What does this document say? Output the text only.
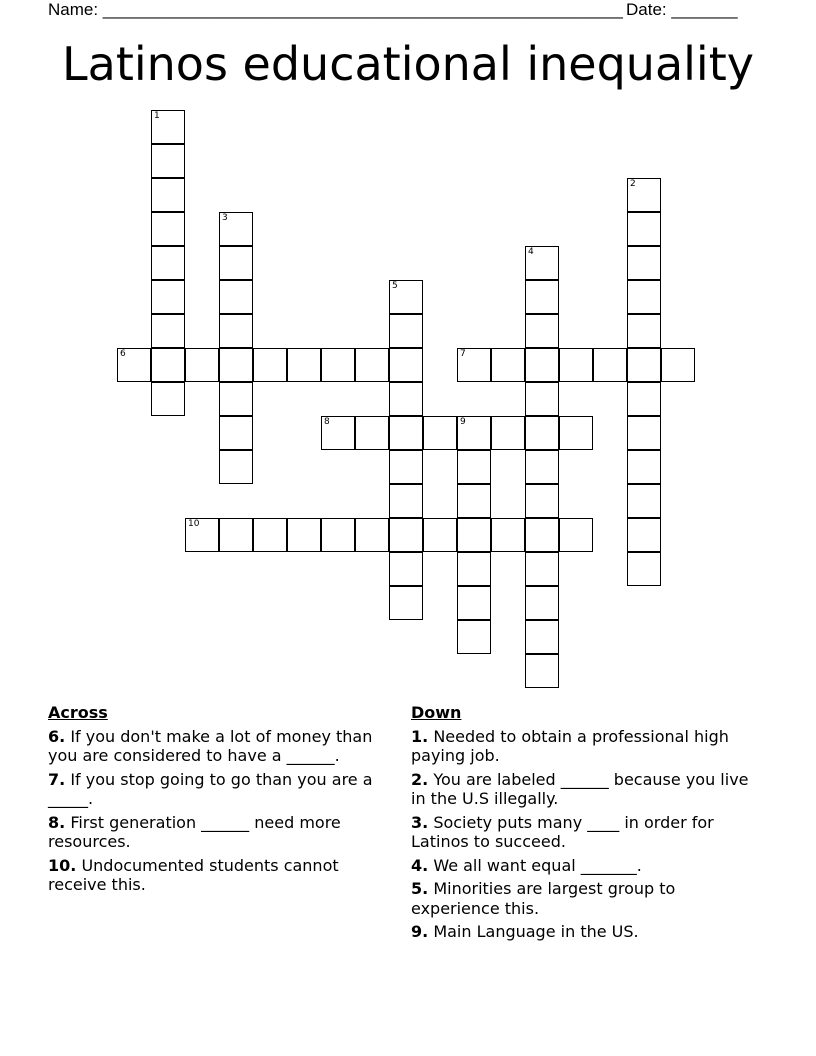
Name: _______________________________________________________ Date: _______
Latinos educational inequality
1
2
3
4
5
9
6	7
8
10
Across
6. If you don't make a lot of money than you are considered to have a ______.
7. If you stop going to go than you are a _____.
8. First generation ______ need more resources.
10. Undocumented students cannot receive this.
Down
1. Needed to obtain a professional high paying job.
2. You are labeled ______ because you live in the U.S illegally.
3. Society puts many ____ in order for Latinos to succeed.
4. We all want equal _______.
5. Minorities are largest group to experience this.
9. Main Language in the US.
